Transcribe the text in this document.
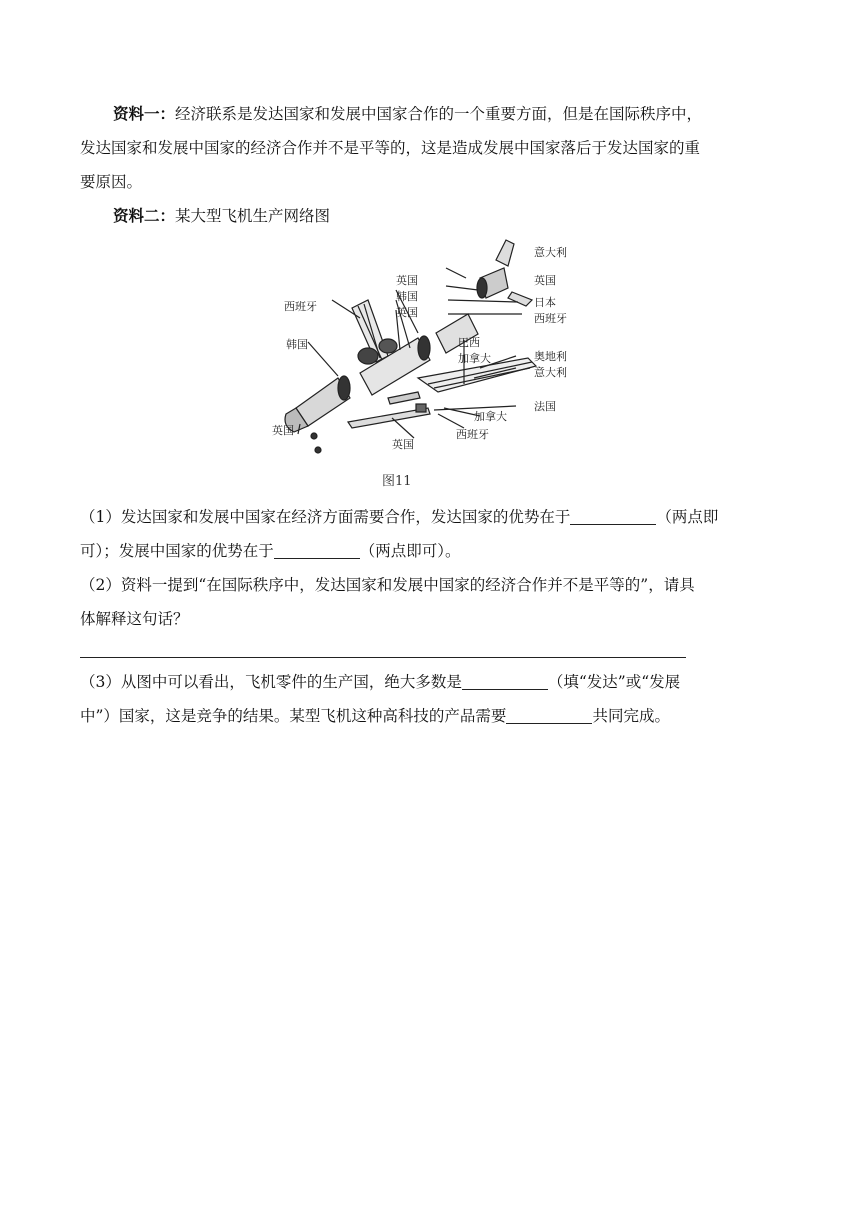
资料一：经济联系是发达国家和发展中国家合作的一个重要方面，但是在国际秩序中，

发达国家和发展中国家的经济合作并不是平等的，这是造成发展中国家落后于发达国家的重

要原因。

资料二：某大型飞机生产网络图

意大利
英国
日本
西班牙
英国
韩国
英国
西班牙
韩国	巴西
加拿大	奥地利
意大利
法国
加拿大
西班牙
英国
英国
图11

（1）发达国家和发展中国家在经济方面需要合作，发达国家的优势在于	（两点即

可）；发展中国家的优势在于	（两点即可）。

（2）资料一提到“在国际秩序中，发达国家和发展中国家的经济合作并不是平等的”，请具

体解释这句话？

（3）从图中可以看出，飞机零件的生产国，绝大多数是	（填“发达”或“发展

中”）国家，这是竞争的结果。某型飞机这种高科技的产品需要	共同完成。
